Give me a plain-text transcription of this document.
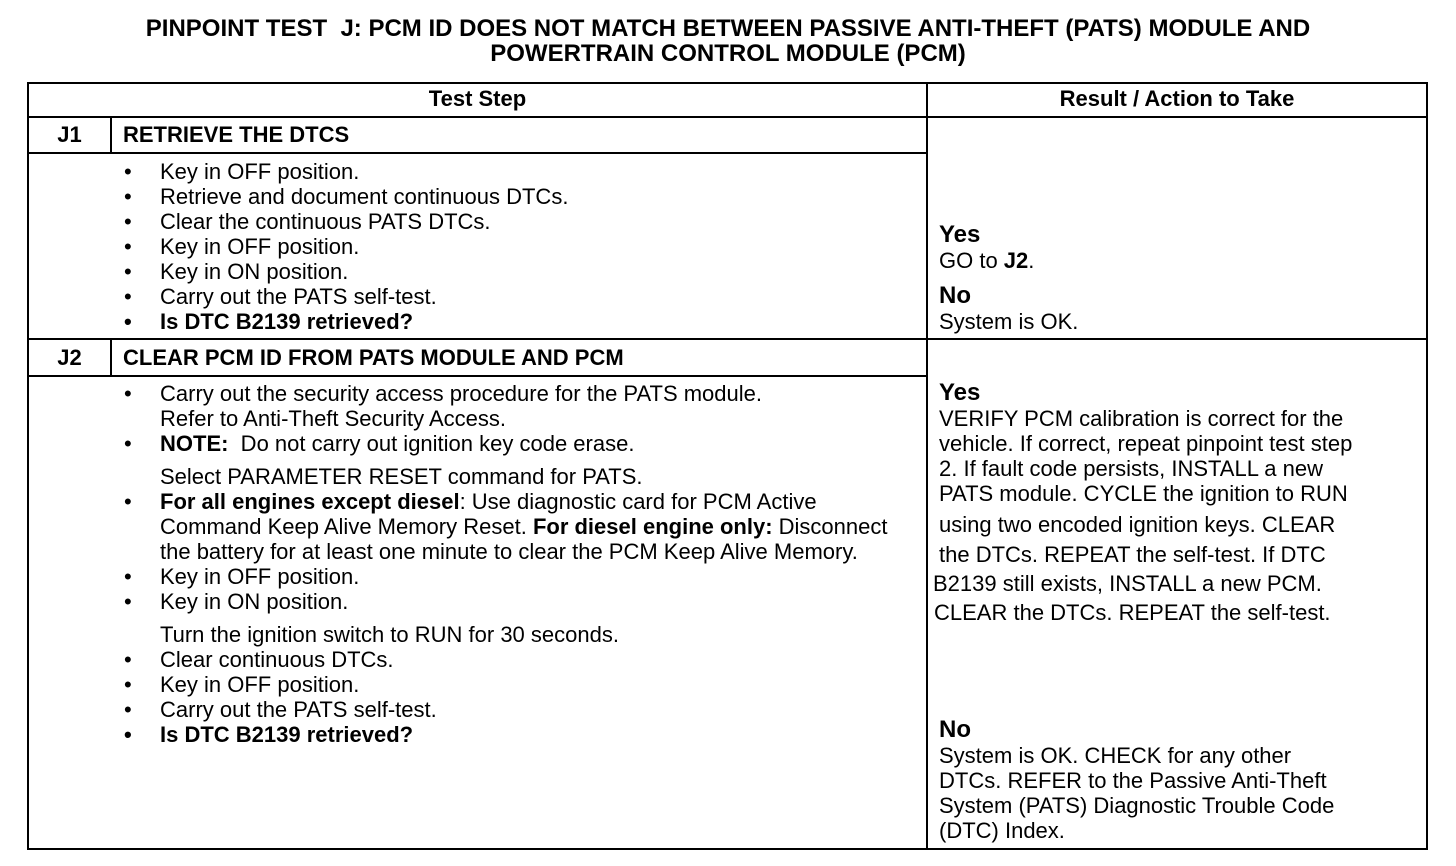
PINPOINT TEST  J: PCM ID DOES NOT MATCH BETWEEN PASSIVE ANTI-THEFT (PATS) MODULE AND
POWERTRAIN CONTROL MODULE (PCM)
Test Step	Result / Action to Take
J1	RETRIEVE THE DTCS
• Key in OFF position.
• Retrieve and document continuous DTCs.
• Clear the continuous PATS DTCs.
• Key in OFF position.
• Key in ON position.
• Carry out the PATS self-test.
• Is DTC B2139 retrieved?
Yes
GO to J2.
No
System is OK.
J2	CLEAR PCM ID FROM PATS MODULE AND PCM
• Carry out the security access procedure for the PATS module.
Refer to Anti-Theft Security Access.
• NOTE:  Do not carry out ignition key code erase.
Select PARAMETER RESET command for PATS.
• For all engines except diesel: Use diagnostic card for PCM Active Command Keep Alive Memory Reset. For diesel engine only: Disconnect the battery for at least one minute to clear the PCM Keep Alive Memory.
• Key in OFF position.
• Key in ON position.
Turn the ignition switch to RUN for 30 seconds.
• Clear continuous DTCs.
• Key in OFF position.
• Carry out the PATS self-test.
• Is DTC B2139 retrieved?
Yes
VERIFY PCM calibration is correct for the
vehicle. If correct, repeat pinpoint test step
2. If fault code persists, INSTALL a new
PATS module. CYCLE the ignition to RUN
using two encoded ignition keys. CLEAR
the DTCs. REPEAT the self-test. If DTC
B2139 still exists, INSTALL a new PCM.
CLEAR the DTCs. REPEAT the self-test.
No
System is OK. CHECK for any other
DTCs. REFER to the Passive Anti-Theft
System (PATS) Diagnostic Trouble Code
(DTC) Index.
